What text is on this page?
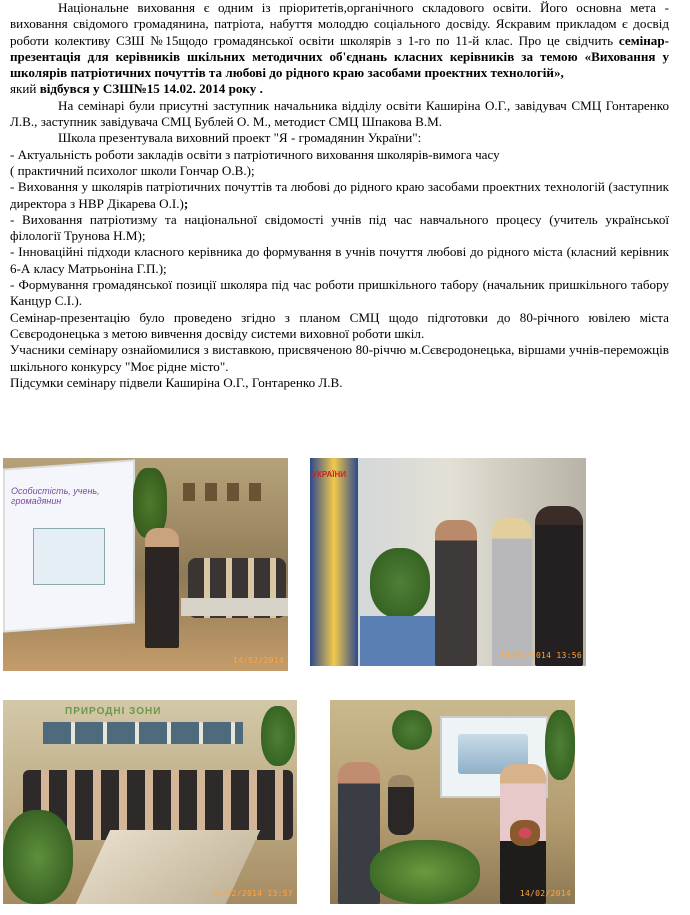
Національне виховання є одним із пріоритетів,органічного складового освіти. Його основна мета - виховання свідомого громадянина, патріота, набуття молоддю соціального досвіду. Яскравим прикладом є досвід роботи колективу СЗШ №15щодо громадянської освіти школярів з 1-го по 11-й клас. Про це свідчить семінар-презентація для керівників шкільних методичних об'єднань класних керівників за темою «Виховання у школярів патріотичних почуттів та любові до рідного краю засобами проектних технологій»,

який відбувся у СЗШ№15 14.02. 2014 року .

На семінарі були присутні заступник начальника відділу освіти Каширіна О.Г., завідувач СМЦ Гонтаренко Л.В., заступник завідувача СМЦ Бублей О. М., методист СМЦ Шпакова В.М.

Школа презентувала виховний проект "Я - громадянин України":

- Актуальність роботи закладів освіти з патріотичного виховання школярів-вимога часу

( практичний психолог школи Гончар О.В.);

- Виховання у школярів патріотичних почуттів та любові до рідного краю засобами проектних технологій (заступник директора з НВР Дікарева О.І.);

- Виховання патріотизму та національної свідомості учнів під час навчального процесу (учитель української філології Трунова Н.М);

- Інноваційні підходи класного керівника до формування в учнів почуття любові до рідного міста (класний керівник 6-А класу Матрьоніна Г.П.);

- Формування громадянської позиції школяра під час роботи пришкільного табору (начальник пришкільного табору Канцур С.І.).

Семінар-презентацію було проведено згідно з планом СМЦ щодо підготовки до 80-річного ювілею міста Сєвєродонецька з метою вивчення досвіду системи виховної роботи шкіл.

Учасники семінару ознайомилися з виставкою, присвяченою 80-річчю м.Сєвєродонецька, віршами учнів-переможців шкільного конкурсу "Моє рідне місто".

Підсумки семінару підвели Каширіна О.Г., Гонтаренко Л.В.

Особистість, учень, громадянин
14/02/2014
УКРАЇНИ
14/02/2014 13:56
ПРИРОДНІ ЗОНИ
14/02/2014 13:5?	14/02/2014
